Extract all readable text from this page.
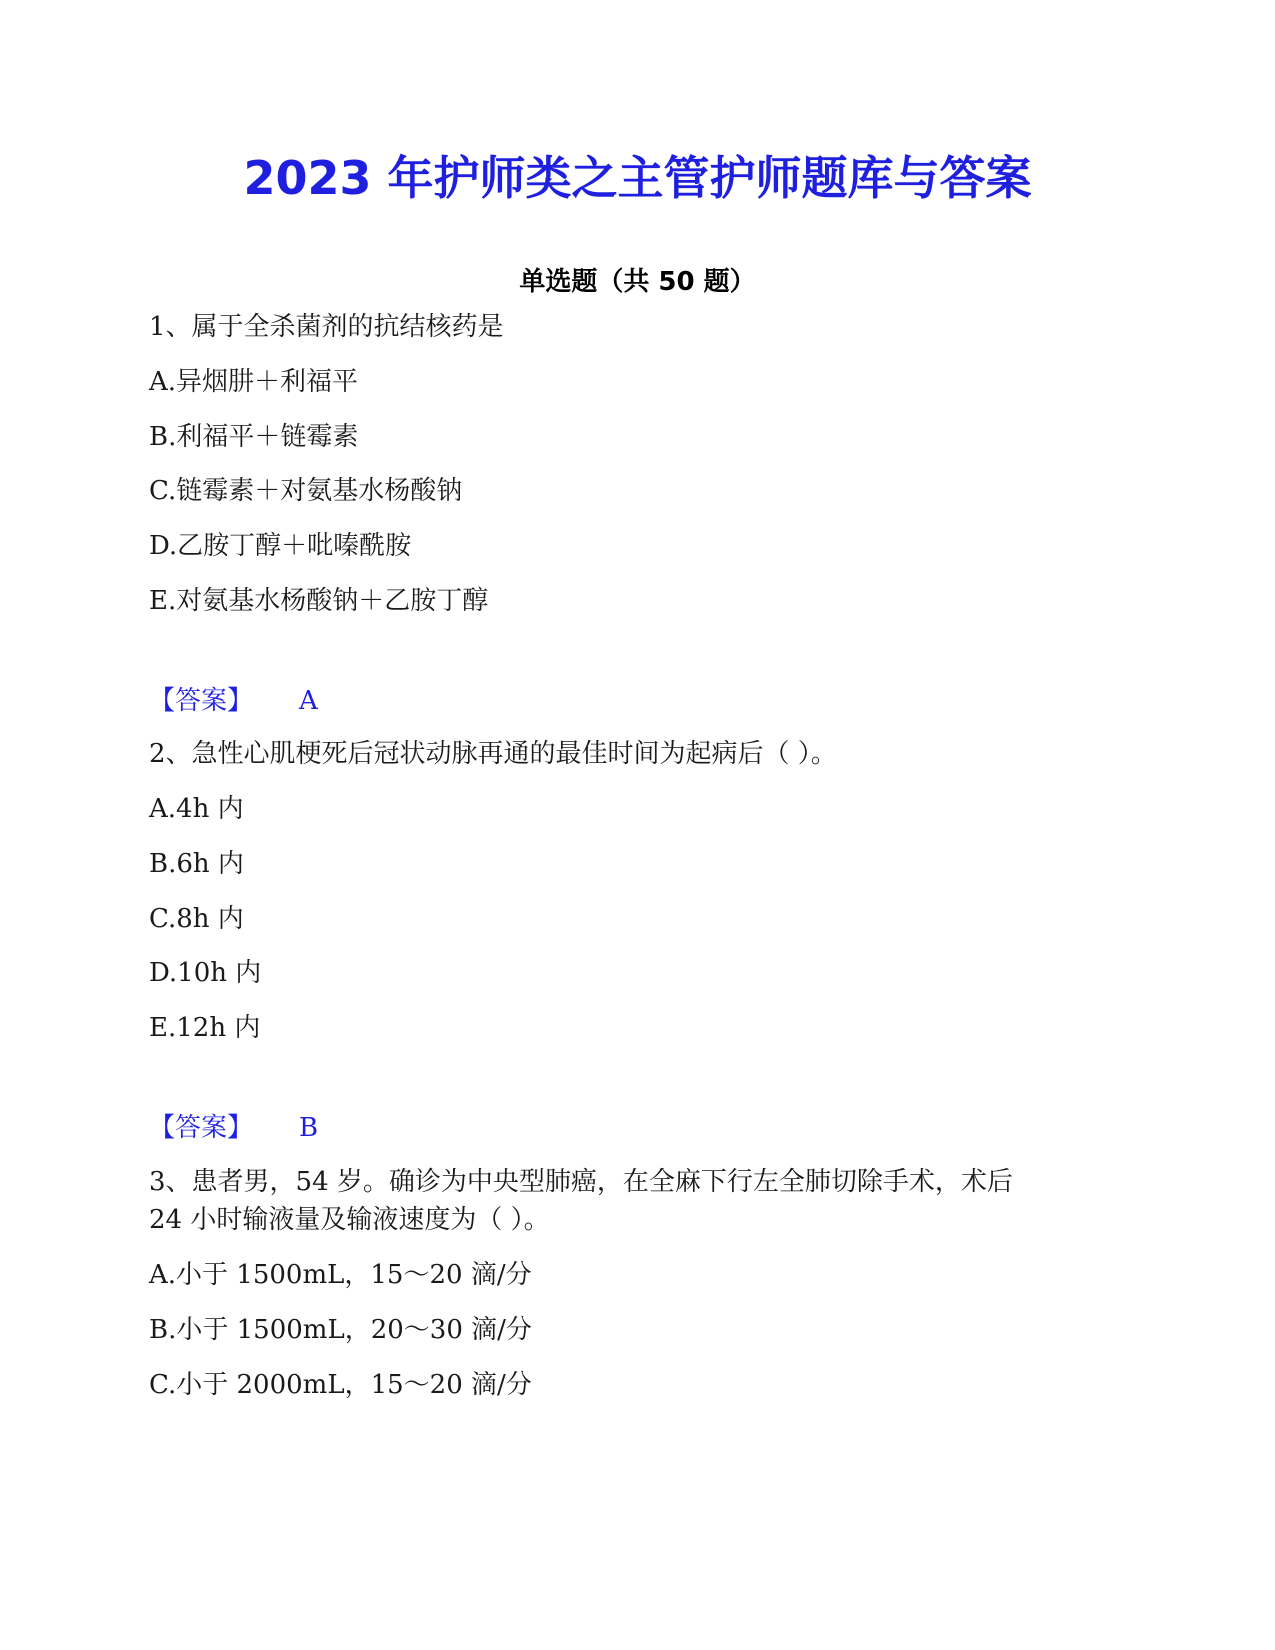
2023 年护师类之主管护师题库与答案
单选题（共 50 题）
1、属于全杀菌剂的抗结核药是
A.异烟肼＋利福平
B.利福平＋链霉素
C.链霉素＋对氨基水杨酸钠
D.乙胺丁醇＋吡嗪酰胺
E.对氨基水杨酸钠＋乙胺丁醇
【答案】 A
2、急性心肌梗死后冠状动脉再通的最佳时间为起病后（ ）。
A.4h 内
B.6h 内
C.8h 内
D.10h 内
E.12h 内
【答案】 B
3、患者男，54 岁。确诊为中央型肺癌，在全麻下行左全肺切除手术，术后
24 小时输液量及输液速度为（ ）。
A.小于 1500mL，15～20 滴/分
B.小于 1500mL，20～30 滴/分
C.小于 2000mL，15～20 滴/分
